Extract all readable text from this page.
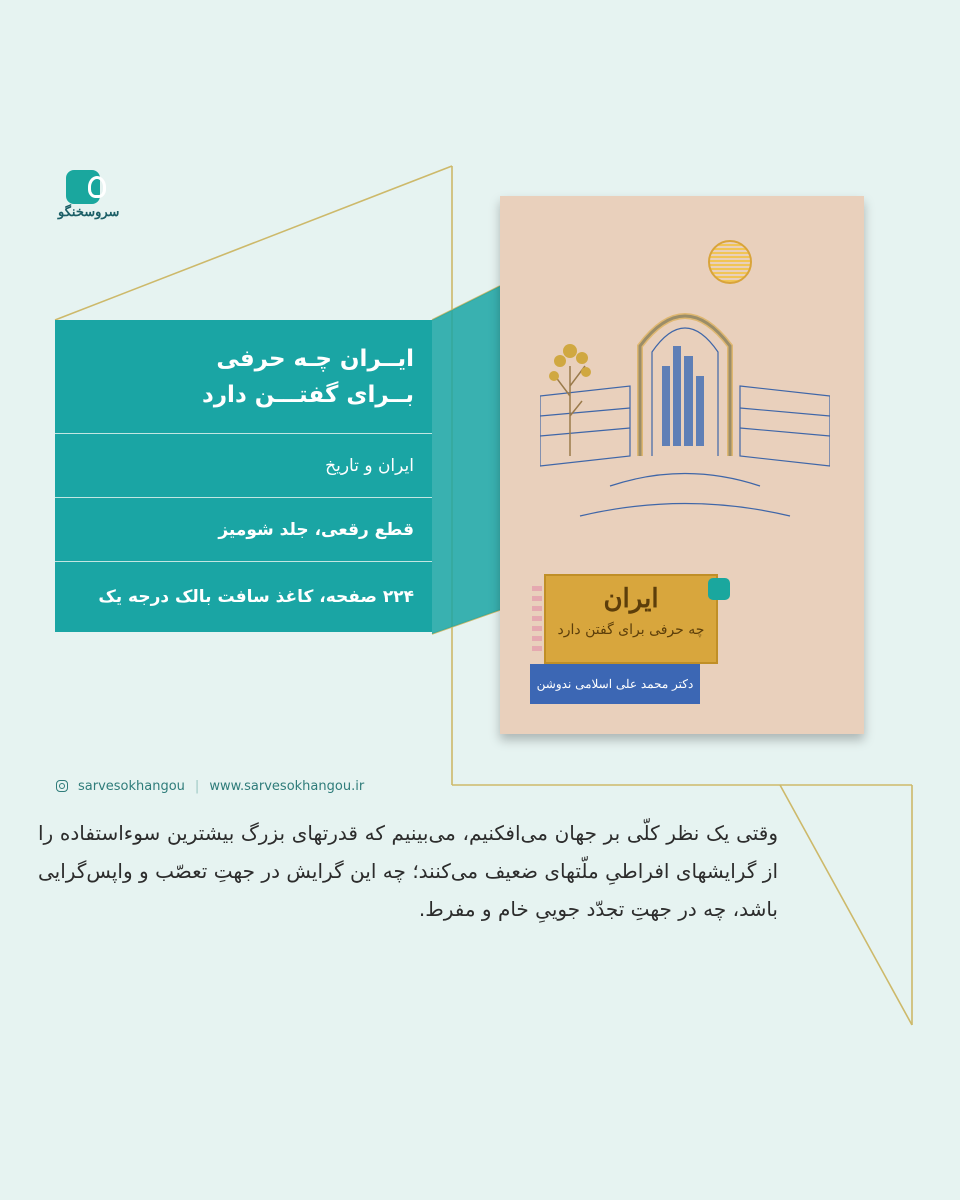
سروسخنگو
ایــران چـه حرفی
بــرای گفتـــن دارد
ایران و تاریخ
قطع رقعی، جلد شومیز
۲۲۴ صفحه، کاغذ سافت بالک درجه یک	ایران
چه حرفی برای گفتن دارد
دکتر محمد علی اسلامی ندوشن
sarvesokhangou | www.sarvesokhangou.ir
وقتی یک نظر کلّی بر جهان می‌افکنیم، می‌بینیم که قدرتهای بزرگ بیشترین سوءاستفاده را از گرایشهای افراطیِ ملّتهای ضعیف می‌کنند؛ چه این گرایش در جهتِ تعصّب و واپس‌گرایی باشد، چه در جهتِ تجدّد جوییِ خام و مفرط.
